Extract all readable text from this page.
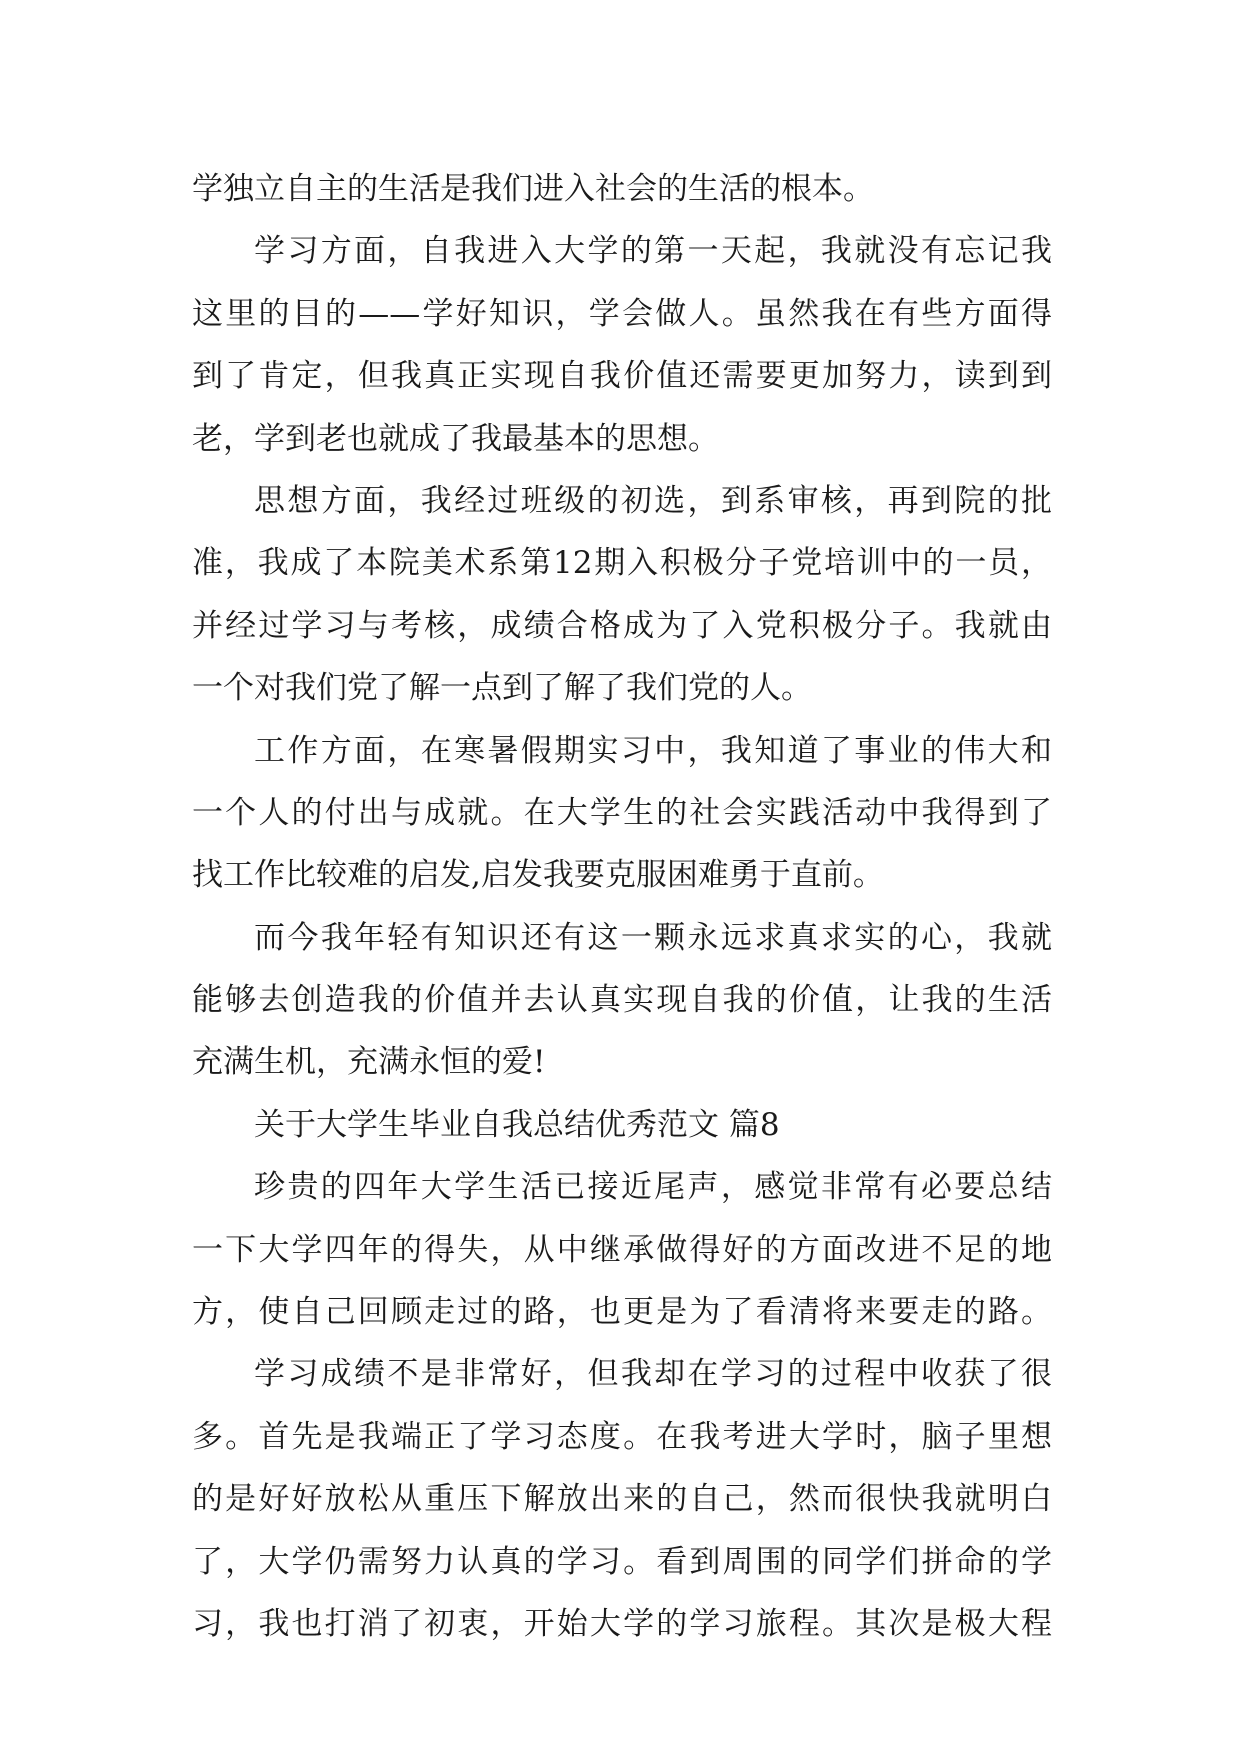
学独立自主的生活是我们进入社会的生活的根本。
学习方面，自我进入大学的第一天起，我就没有忘记我
这里的目的——学好知识，学会做人。虽然我在有些方面得
到了肯定，但我真正实现自我价值还需要更加努力，读到到
老，学到老也就成了我最基本的思想。
思想方面，我经过班级的初选，到系审核，再到院的批
准，我成了本院美术系第12期入积极分子党培训中的一员，
并经过学习与考核，成绩合格成为了入党积极分子。我就由
一个对我们党了解一点到了解了我们党的人。
工作方面，在寒暑假期实习中，我知道了事业的伟大和
一个人的付出与成就。在大学生的社会实践活动中我得到了
找工作比较难的启发,启发我要克服困难勇于直前。
而今我年轻有知识还有这一颗永远求真求实的心，我就
能够去创造我的价值并去认真实现自我的价值，让我的生活
充满生机，充满永恒的爱!
关于大学生毕业自我总结优秀范文 篇8
珍贵的四年大学生活已接近尾声，感觉非常有必要总结
一下大学四年的得失，从中继承做得好的方面改进不足的地
方，使自己回顾走过的路，也更是为了看清将来要走的路。
学习成绩不是非常好，但我却在学习的过程中收获了很
多。首先是我端正了学习态度。在我考进大学时，脑子里想
的是好好放松从重压下解放出来的自己，然而很快我就明白
了，大学仍需努力认真的学习。看到周围的同学们拼命的学
习，我也打消了初衷，开始大学的学习旅程。其次是极大程
